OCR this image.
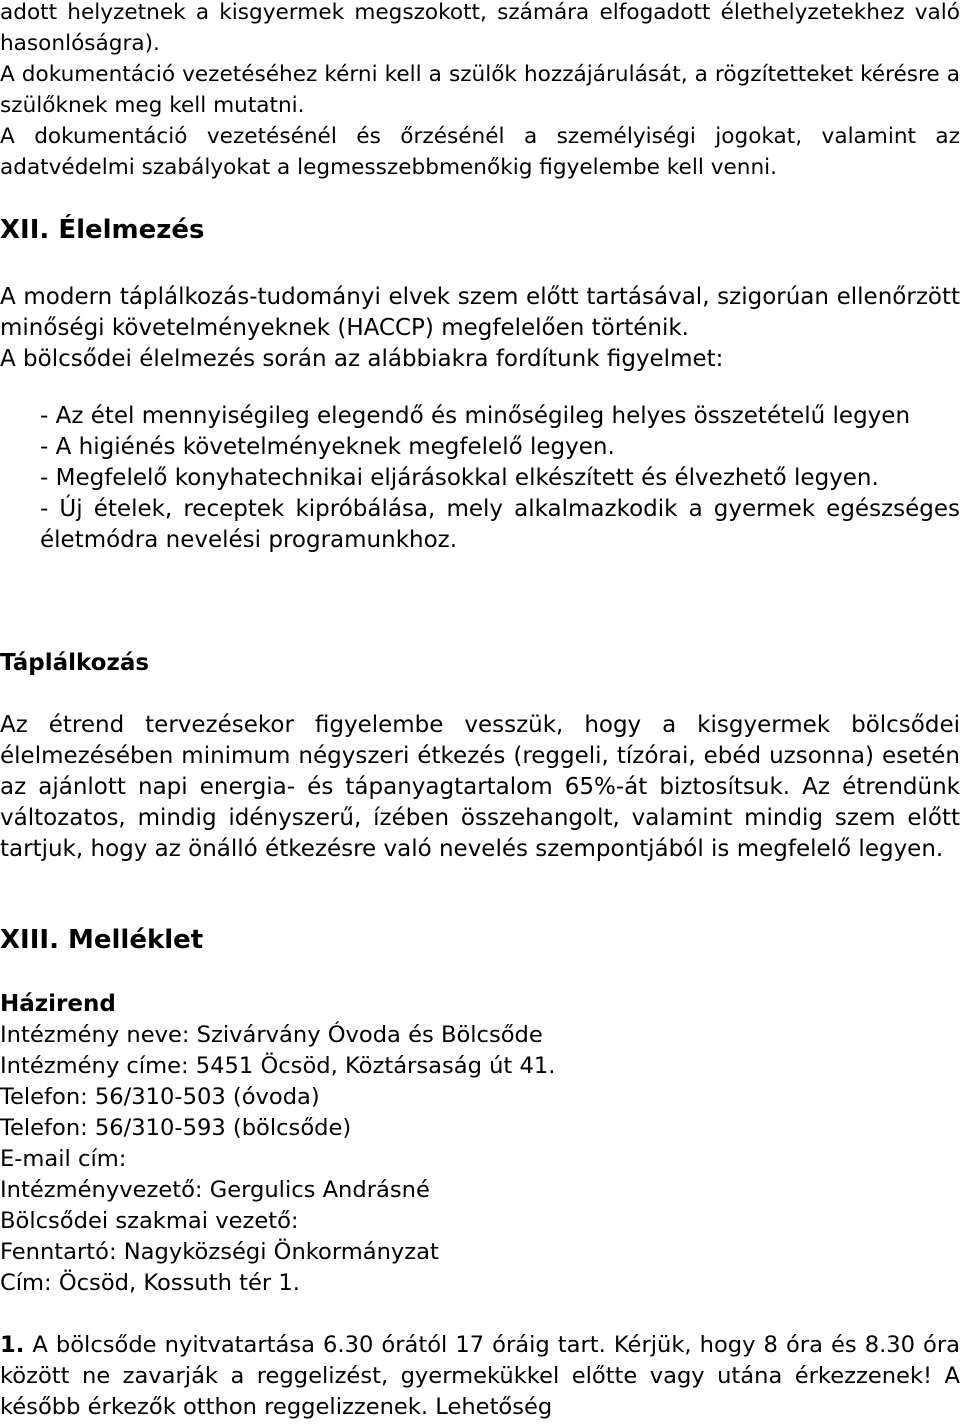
adott helyzetnek a kisgyermek megszokott, számára elfogadott élethelyzetekhez való hasonlóságra).

A dokumentáció vezetéséhez kérni kell a szülők hozzájárulását, a rögzítetteket kérésre a szülőknek meg kell mutatni.

A dokumentáció vezetésénél és őrzésénél a személyiségi jogokat, valamint az adatvédelmi szabályokat a legmesszebbmenőkig figyelembe kell venni.

XII. Élelmezés

A modern táplálkozás-tudományi elvek szem előtt tartásával, szigorúan ellenőrzött minőségi követelményeknek (HACCP) megfelelően történik.

A bölcsődei élelmezés során az alábbiakra fordítunk figyelmet:

- Az étel mennyiségileg elegendő és minőségileg helyes összetételű legyen

- A higiénés követelményeknek megfelelő legyen.

- Megfelelő konyhatechnikai eljárásokkal elkészített és élvezhető legyen.

- Új ételek, receptek kipróbálása, mely alkalmazkodik a gyermek egészséges életmódra nevelési programunkhoz.

Táplálkozás

Az étrend tervezésekor figyelembe vesszük, hogy a kisgyermek bölcsődei élelmezésében minimum négyszeri étkezés (reggeli, tízórai, ebéd uzsonna) esetén az ajánlott napi energia- és tápanyagtartalom 65%-át biztosítsuk. Az étrendünk változatos, mindig idényszerű, ízében összehangolt, valamint mindig szem előtt tartjuk, hogy az önálló étkezésre való nevelés szempontjából is megfelelő legyen.

XIII. Melléklet
Házirend
Intézmény neve: Szivárvány Óvoda és Bölcsőde
Intézmény címe: 5451 Öcsöd, Köztársaság út 41.
Telefon: 56/310-503 (óvoda)
Telefon: 56/310-593 (bölcsőde)
E-mail cím:
Intézményvezető: Gergulics Andrásné
Bölcsődei szakmai vezető:
Fenntartó: Nagyközségi Önkormányzat
Cím: Öcsöd, Kossuth tér 1.

1. A bölcsőde nyitvatartása 6.30 órától 17 óráig tart. Kérjük, hogy 8 óra és 8.30 óra között ne zavarják a reggelizést, gyermekükkel előtte vagy utána érkezzenek! A később érkezők otthon reggelizzenek. Lehetőség
